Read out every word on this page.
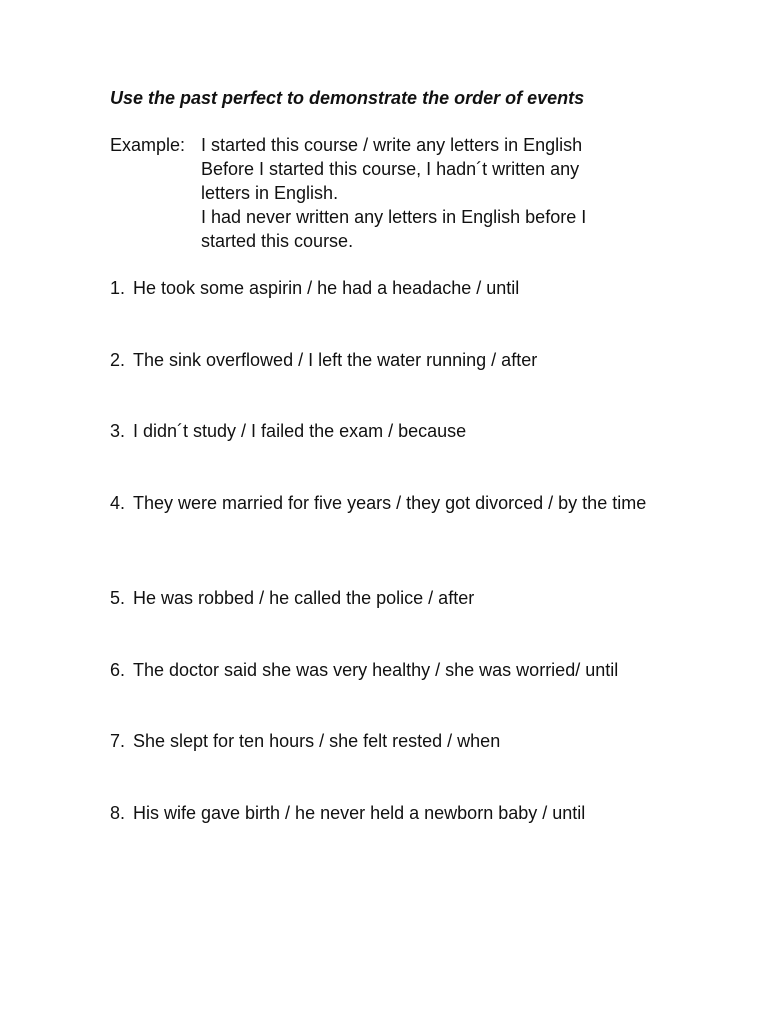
Use the past perfect to demonstrate the order of events
Example: I started this course / write any letters in English
Before I started this course, I hadn´t written any
letters in English.
I had never written any letters in English before I
started this course.
1. He took some aspirin / he had a headache / until
2. The sink overflowed / I left the water running / after
3. I didn´t study / I failed the exam / because
4. They were married for five years / they got divorced / by the time
5. He was robbed / he called the police / after
6. The doctor said she was very healthy / she was worried/ until
7. She slept for ten hours / she felt rested / when
8. His wife gave birth / he never held a newborn baby / until
